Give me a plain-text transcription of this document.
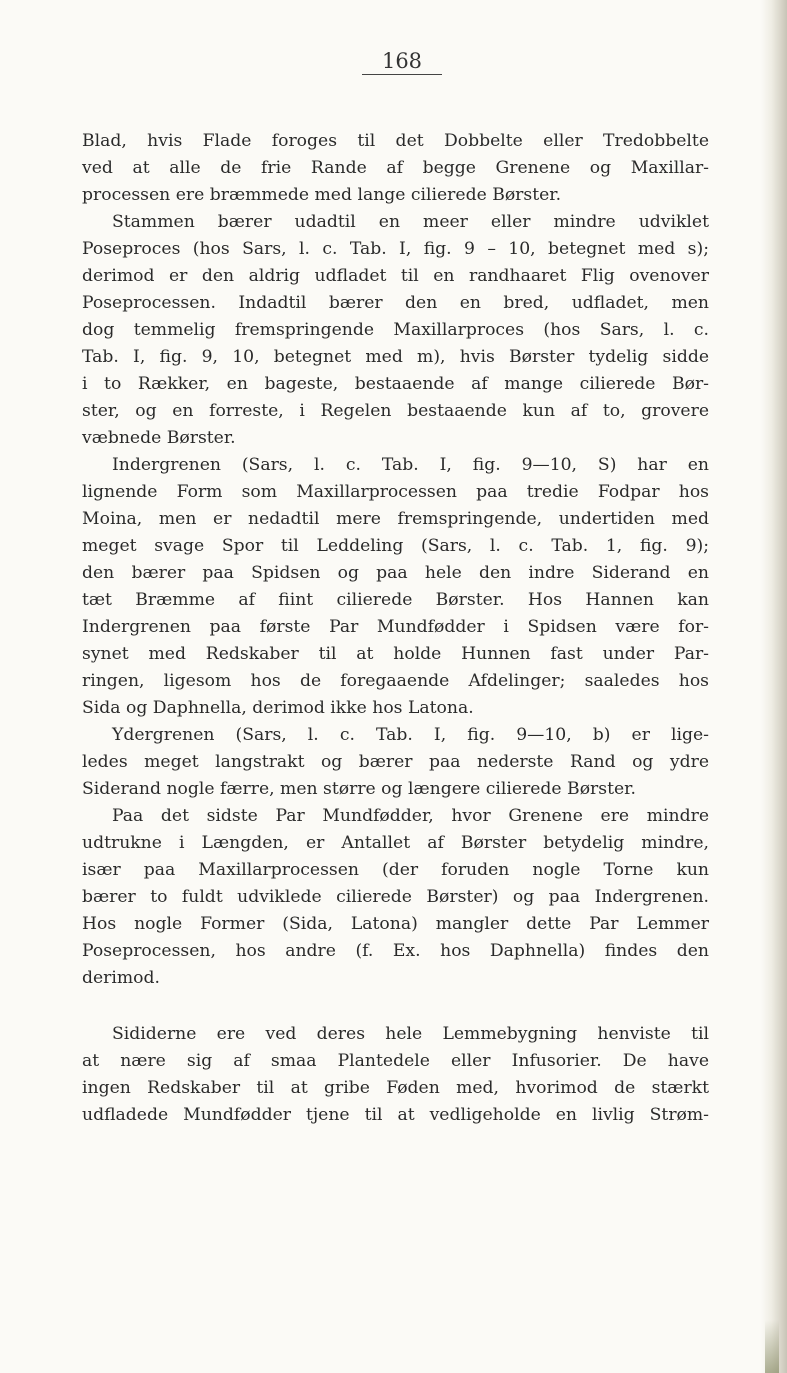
168
Blad, hvis Flade foroges til det Dobbelte eller Tredobbelte
ved at alle de frie Rande af begge Grenene og Maxillar-
processen ere bræmmede med lange cilierede Børster.
Stammen bærer udadtil en meer eller mindre udviklet
Poseproces (hos Sars, l. c. Tab. I, fig. 9 – 10, betegnet med s);
derimod er den aldrig udfladet til en randhaaret Flig ovenover
Poseprocessen. Indadtil bærer den en bred, udfladet, men
dog temmelig fremspringende Maxillarproces (hos Sars, l. c.
Tab. I, fig. 9, 10, betegnet med m), hvis Børster tydelig sidde
i to Rækker, en bageste, bestaaende af mange cilierede Bør-
ster, og en forreste, i Regelen bestaaende kun af to, grovere
væbnede Børster.
Indergrenen (Sars, l. c. Tab. I, fig. 9—10, S) har en
lignende Form som Maxillarprocessen paa tredie Fodpar hos
Moina, men er nedadtil mere fremspringende, undertiden med
meget svage Spor til Leddeling (Sars, l. c. Tab. 1, fig. 9);
den bærer paa Spidsen og paa hele den indre Siderand en
tæt Bræmme af fiint cilierede Børster. Hos Hannen kan
Indergrenen paa første Par Mundfødder i Spidsen være for-
synet med Redskaber til at holde Hunnen fast under Par-
ringen, ligesom hos de foregaaende Afdelinger; saaledes hos
Sida og Daphnella, derimod ikke hos Latona.
Ydergrenen (Sars, l. c. Tab. I, fig. 9—10, b) er lige-
ledes meget langstrakt og bærer paa nederste Rand og ydre
Siderand nogle færre, men større og længere cilierede Børster.
Paa det sidste Par Mundfødder, hvor Grenene ere mindre
udtrukne i Længden, er Antallet af Børster betydelig mindre,
især paa Maxillarprocessen (der foruden nogle Torne kun
bærer to fuldt udviklede cilierede Børster) og paa Indergrenen.
Hos nogle Former (Sida, Latona) mangler dette Par Lemmer
Poseprocessen, hos andre (f. Ex. hos Daphnella) findes den
derimod.
Sididerne ere ved deres hele Lemmebygning henviste til
at nære sig af smaa Plantedele eller Infusorier. De have
ingen Redskaber til at gribe Føden med, hvorimod de stærkt
udfladede Mundfødder tjene til at vedligeholde en livlig Strøm-
